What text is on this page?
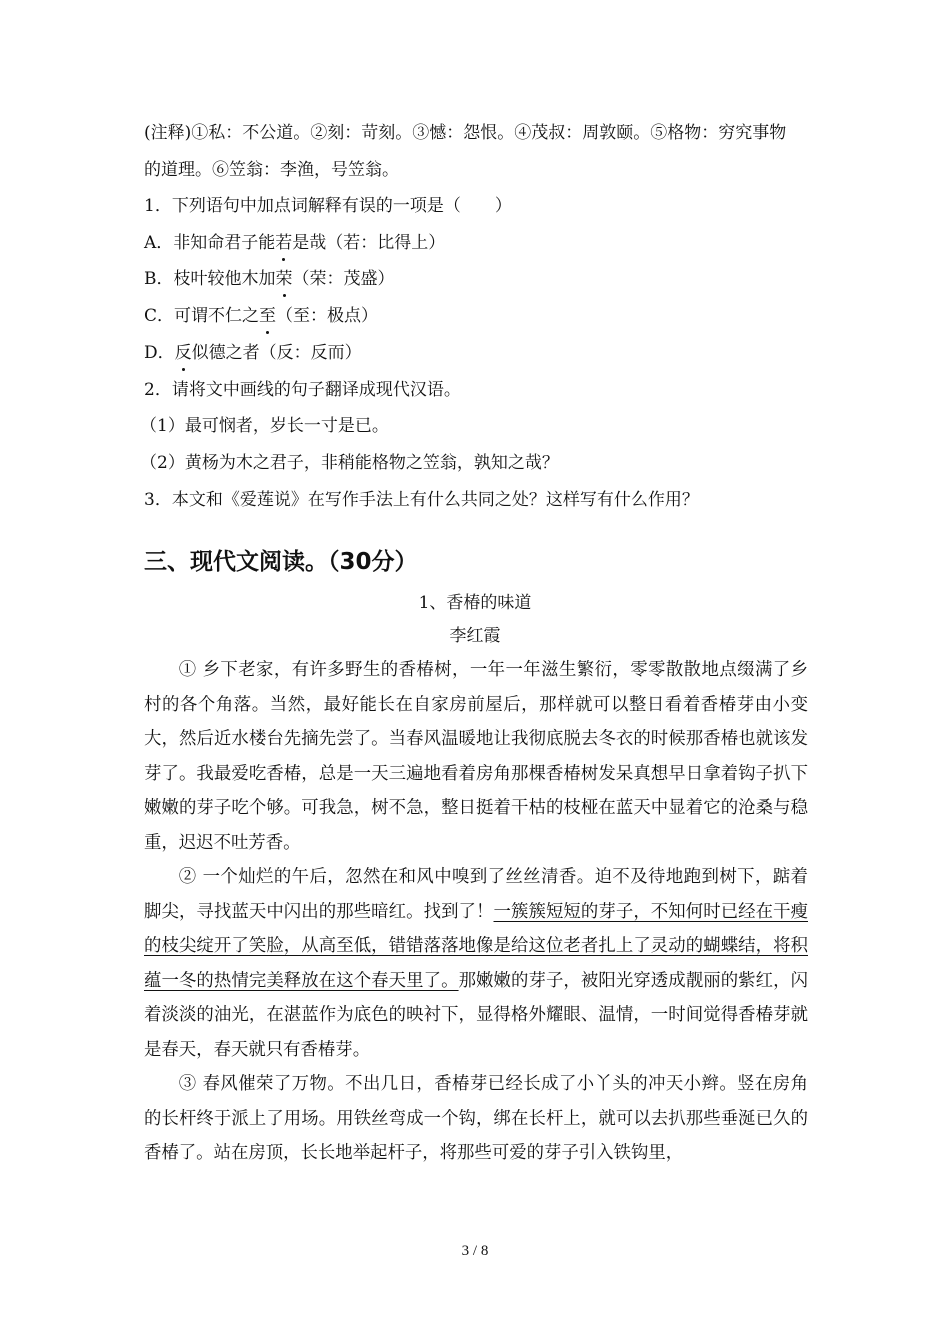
(注释)①私：不公道。②刻：苛刻。③憾：怨恨。④茂叔：周敦颐。⑤格物：穷究事物
的道理。⑥笠翁：李渔，号笠翁。
1．下列语句中加点词解释有误的一项是（　　）
A．非知命君子能若是哉（若：比得上）
B．枝叶较他木加荣（荣：茂盛）
C．可谓不仁之至（至：极点）
D．反似德之者（反：反而）
2．请将文中画线的句子翻译成现代汉语。
（1）最可悯者，岁长一寸是已。
（2）黄杨为木之君子，非稍能格物之笠翁，孰知之哉？
3．本文和《爱莲说》在写作手法上有什么共同之处？这样写有什么作用？
三、现代文阅读。（30分）
1、香椿的味道
李红霞

① 乡下老家，有许多野生的香椿树，一年一年滋生繁衍，零零散散地点缀满了乡村的各个角落。当然，最好能长在自家房前屋后，那样就可以整日看着香椿芽由小变大，然后近水楼台先摘先尝了。当春风温暖地让我彻底脱去冬衣的时候那香椿也就该发芽了。我最爱吃香椿，总是一天三遍地看着房角那棵香椿树发呆真想早日拿着钩子扒下嫩嫩的芽子吃个够。可我急，树不急，整日挺着干枯的枝桠在蓝天中显着它的沧桑与稳重，迟迟不吐芳香。

② 一个灿烂的午后，忽然在和风中嗅到了丝丝清香。迫不及待地跑到树下，踮着脚尖，寻找蓝天中闪出的那些暗红。找到了！一簇簇短短的芽子，不知何时已经在干瘦的枝尖绽开了笑脸，从高至低，错错落落地像是给这位老者扎上了灵动的蝴蝶结，将积蕴一冬的热情完美释放在这个春天里了。那嫩嫩的芽子，被阳光穿透成靓丽的紫红，闪着淡淡的油光，在湛蓝作为底色的映衬下，显得格外耀眼、温情，一时间觉得香椿芽就是春天，春天就只有香椿芽。

③ 春风催荣了万物。不出几日，香椿芽已经长成了小丫头的冲天小辫。竖在房角的长杆终于派上了用场。用铁丝弯成一个钩，绑在长杆上，就可以去扒那些垂涎已久的香椿了。站在房顶，长长地举起杆子，将那些可爱的芽子引入铁钩里，

3 / 8
